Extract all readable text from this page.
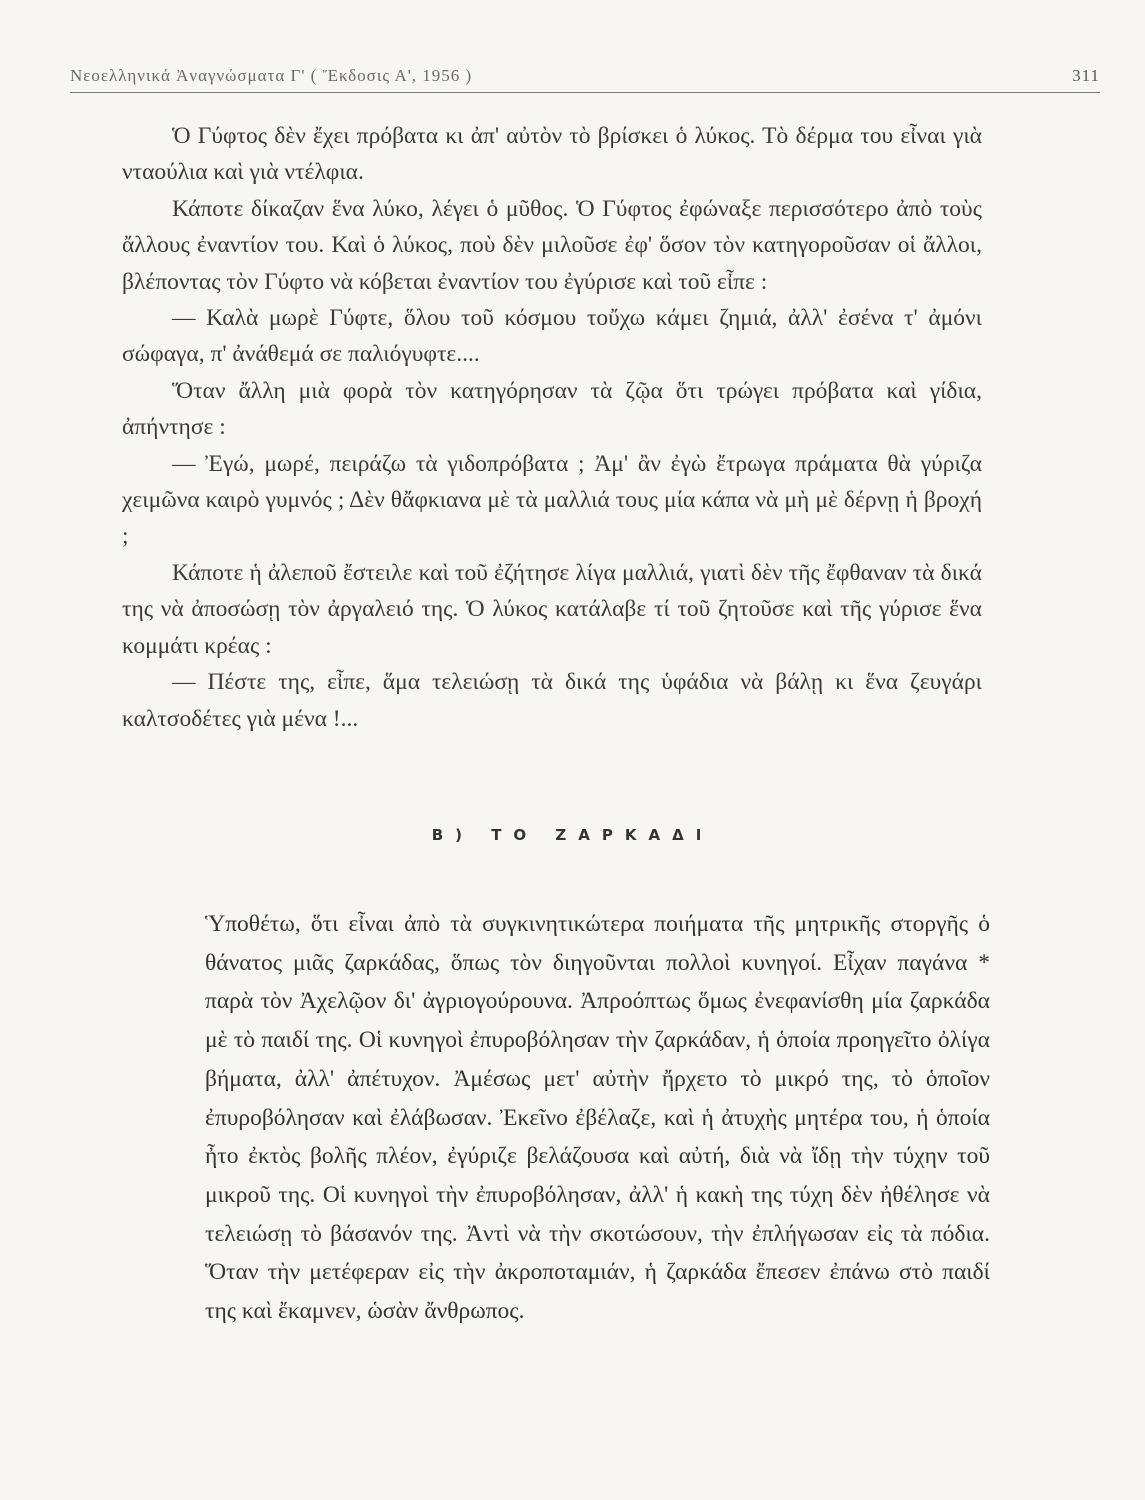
Νεοελληνικά Ἀναγνώσματα Γ' ( Ἔκδοσις Α', 1956 )	311

Ὁ Γύφτος δὲν ἔχει πρόβατα κι ἀπ' αὐτὸν τὸ βρίσκει ὁ λύκος. Τὸ δέρμα του εἶναι γιὰ νταούλια καὶ γιὰ ντέλφια.

Κάποτε δίκαζαν ἕνα λύκο, λέγει ὁ μῦθος. Ὁ Γύφτος ἐφώναξε περισσότερο ἀπὸ τοὺς ἄλλους ἐναντίον του. Καὶ ὁ λύκος, ποὺ δὲν μιλοῦσε ἐφ' ὅσον τὸν κατηγοροῦσαν οἱ ἄλλοι, βλέποντας τὸν Γύφτο νὰ κόβεται ἐναντίον του ἐγύρισε καὶ τοῦ εἶπε :

— Καλὰ μωρὲ Γύφτε, ὅλου τοῦ κόσμου τοὔχω κάμει ζημιά, ἀλλ' ἐσένα τ' ἀμόνι σώφαγα, π' ἀνάθεμά σε παλιόγυφτε....

Ὅταν ἄλλη μιὰ φορὰ τὸν κατηγόρησαν τὰ ζῷα ὅτι τρώγει πρόβατα καὶ γίδια, ἀπήντησε :

— Ἐγώ, μωρέ, πειράζω τὰ γιδοπρόβατα ; Ἀμ' ἂν ἐγὼ ἔτρωγα πράματα θὰ γύριζα χειμῶνα καιρὸ γυμνός ; Δὲν θἄφκιανα μὲ τὰ μαλλιά τους μία κάπα νὰ μὴ μὲ δέρνῃ ἡ βροχή ;

Κάποτε ἡ ἀλεποῦ ἔστειλε καὶ τοῦ ἐζήτησε λίγα μαλλιά, γιατὶ δὲν τῆς ἔφθαναν τὰ δικά της νὰ ἀποσώσῃ τὸν ἀργαλειό της. Ὁ λύκος κατάλαβε τί τοῦ ζητοῦσε καὶ τῆς γύρισε ἕνα κομμάτι κρέας :

— Πέστε της, εἶπε, ἅμα τελειώσῃ τὰ δικά της ὑφάδια νὰ βάλῃ κι ἕνα ζευγάρι καλτσοδέτες γιὰ μένα !...

Β) ΤΟ ΖΑΡΚΑΔΙ

Ὑποθέτω, ὅτι εἶναι ἀπὸ τὰ συγκινητικώτερα ποιήματα τῆς μητρικῆς στοργῆς ὁ θάνατος μιᾶς ζαρκάδας, ὅπως τὸν διηγοῦνται πολλοὶ κυνηγοί. Εἶχαν παγάνα * παρὰ τὸν Ἀχελῷον δι' ἀγριογούρουνα. Ἀπροόπτως ὅμως ἐνεφανίσθη μία ζαρκάδα μὲ τὸ παιδί της. Οἱ κυνηγοὶ ἐπυροβόλησαν τὴν ζαρκάδαν, ἡ ὁποία προηγεῖτο ὀλίγα βήματα, ἀλλ' ἀπέτυχον. Ἀμέσως μετ' αὐτὴν ἤρχετο τὸ μικρό της, τὸ ὁποῖον ἐπυροβόλησαν καὶ ἐλάβωσαν. Ἐκεῖνο ἐβέλαζε, καὶ ἡ ἀτυχὴς μητέρα του, ἡ ὁποία ἦτο ἐκτὸς βολῆς πλέον, ἐγύριζε βελάζουσα καὶ αὐτή, διὰ νὰ ἴδῃ τὴν τύχην τοῦ μικροῦ της. Οἱ κυνηγοὶ τὴν ἐπυροβόλησαν, ἀλλ' ἡ κακὴ της τύχη δὲν ἠθέλησε νὰ τελειώσῃ τὸ βάσανόν της. Ἀντὶ νὰ τὴν σκοτώσουν, τὴν ἐπλήγωσαν εἰς τὰ πόδια. Ὅταν τὴν μετέφεραν εἰς τὴν ἀκροποταμιάν, ἡ ζαρκάδα ἔπεσεν ἐπάνω στὸ παιδί της καὶ ἔκαμνεν, ὡσὰν ἄνθρωπος.
